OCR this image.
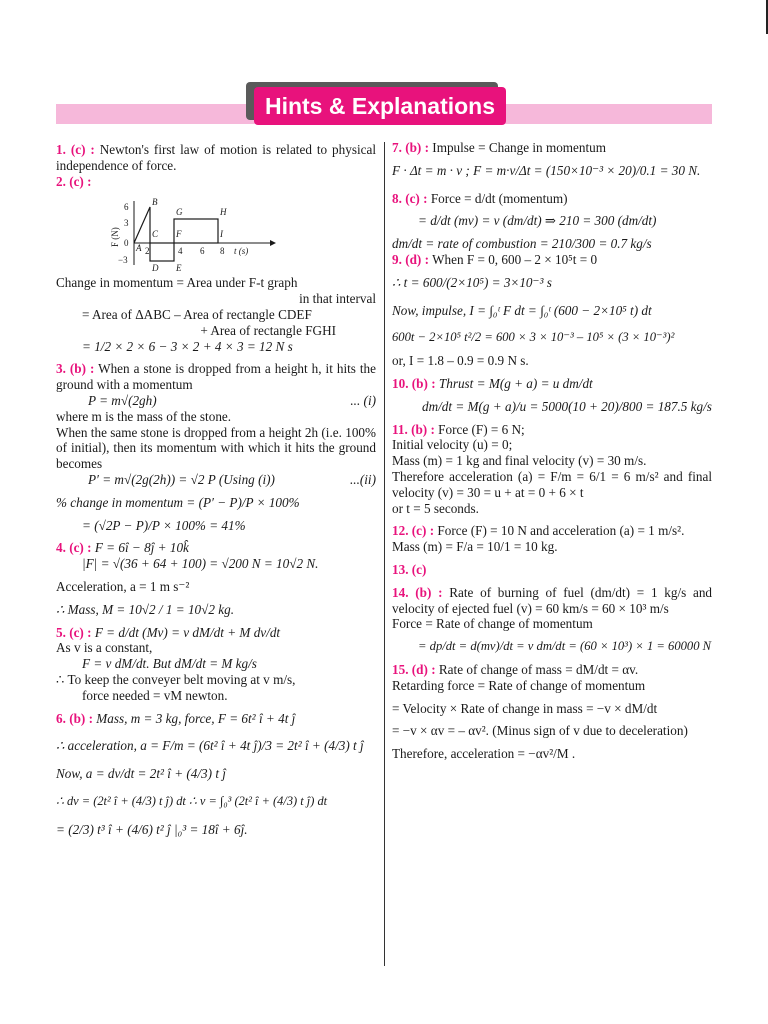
Hints & Explanations

1. (c) : Newton's first law of motion is related to physical independence of force.

2. (c) :

F (N)
6
3
0
−3
2	4 6 8 t (s)
A
B
C
D E
F
G	H
I

Change in momentum = Area under F-t graph

in that interval

= Area of ΔABC – Area of rectangle CDEF

+ Area of rectangle FGHI

= 1/2 × 2 × 6 − 3 × 2 + 4 × 3 = 12 N s

3. (b) : When a stone is dropped from a height h, it hits the ground with a momentum

P = m√(2gh)	... (i)

where m is the mass of the stone.

When the same stone is dropped from a height 2h (i.e. 100% of initial), then its momentum with which it hits the ground becomes

P′ = m√(2g(2h)) = √2 P (Using (i))	...(ii)

% change in momentum = (P′ − P)/P × 100%

= (√2P − P)/P × 100% = 41%

4. (c) : F = 6î − 8ĵ + 10k̂

|F| = √(36 + 64 + 100) = √200 N = 10√2 N.

Acceleration, a = 1 m s⁻²

∴ Mass, M = 10√2 / 1 = 10√2 kg.

5. (c) : F = d/dt (Mv) = v dM/dt + M dv/dt

As v is a constant,

F = v dM/dt. But dM/dt = M kg/s

∴ To keep the conveyer belt moving at v m/s,

force needed = vM newton.

6. (b) : Mass, m = 3 kg, force, F = 6t² î + 4t ĵ

∴ acceleration, a = F/m = (6t² î + 4t ĵ)/3 = 2t² î + (4/3) t ĵ

Now, a = dv/dt = 2t² î + (4/3) t ĵ

∴ dv = (2t² î + (4/3) t ĵ) dt ∴ v = ∫₀³ (2t² î + (4/3) t ĵ) dt

= (2/3) t³ î + (4/6) t² ĵ |₀³ = 18î + 6ĵ.

7. (b) : Impulse = Change in momentum

F · Δt = m · v ; F = m·v/Δt = (150×10⁻³ × 20)/0.1 = 30 N.

8. (c) : Force = d/dt (momentum)

= d/dt (mv) = v (dm/dt) ⇒ 210 = 300 (dm/dt)

dm/dt = rate of combustion = 210/300 = 0.7 kg/s

9. (d) : When F = 0, 600 – 2 × 10⁵t = 0

∴ t = 600/(2×10⁵) = 3×10⁻³ s

Now, impulse, I = ∫₀ᵗ F dt = ∫₀ᵗ (600 − 2×10⁵ t) dt

600t − 2×10⁵ t²/2 = 600 × 3 × 10⁻³ – 10⁵ × (3 × 10⁻³)²

or, I = 1.8 – 0.9 = 0.9 N s.

10. (b) : Thrust = M(g + a) = u dm/dt

dm/dt = M(g + a)/u = 5000(10 + 20)/800 = 187.5 kg/s

11. (b) : Force (F) = 6 N;

Initial velocity (u) = 0;

Mass (m) = 1 kg and final velocity (v) = 30 m/s.

Therefore acceleration (a) = F/m = 6/1 = 6 m/s² and final velocity (v) = 30 = u + at = 0 + 6 × t

or t = 5 seconds.

12. (c) : Force (F) = 10 N and acceleration (a) = 1 m/s².

Mass (m) = F/a = 10/1 = 10 kg.

13. (c)

14. (b) : Rate of burning of fuel (dm/dt) = 1 kg/s and velocity of ejected fuel (v) = 60 km/s = 60 × 10³ m/s

Force = Rate of change of momentum

= dp/dt = d(mv)/dt = v dm/dt = (60 × 10³) × 1 = 60000 N

15. (d) : Rate of change of mass = dM/dt = αv.

Retarding force = Rate of change of momentum

= Velocity × Rate of change in mass = −v × dM/dt

= −v × αv = – αv². (Minus sign of v due to deceleration)

Therefore, acceleration = −αv²/M .
